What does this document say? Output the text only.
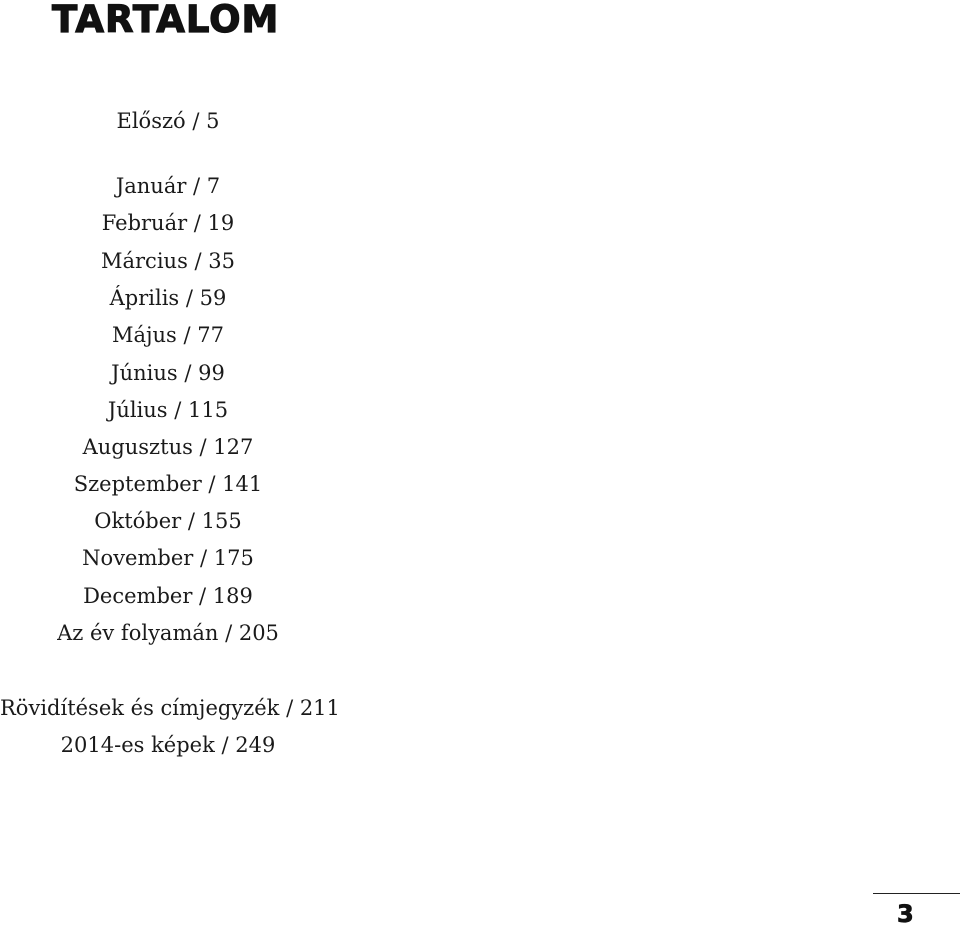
TARTALOM
Előszó / 5
Január / 7
Február / 19
Március / 35
Április / 59
Május / 77
Június / 99
Július / 115
Augusztus / 127
Szeptember / 141
Október / 155
November / 175
December / 189
Az év folyamán / 205
Rövidítések és címjegyzék / 211
2014-es képek / 249
3
